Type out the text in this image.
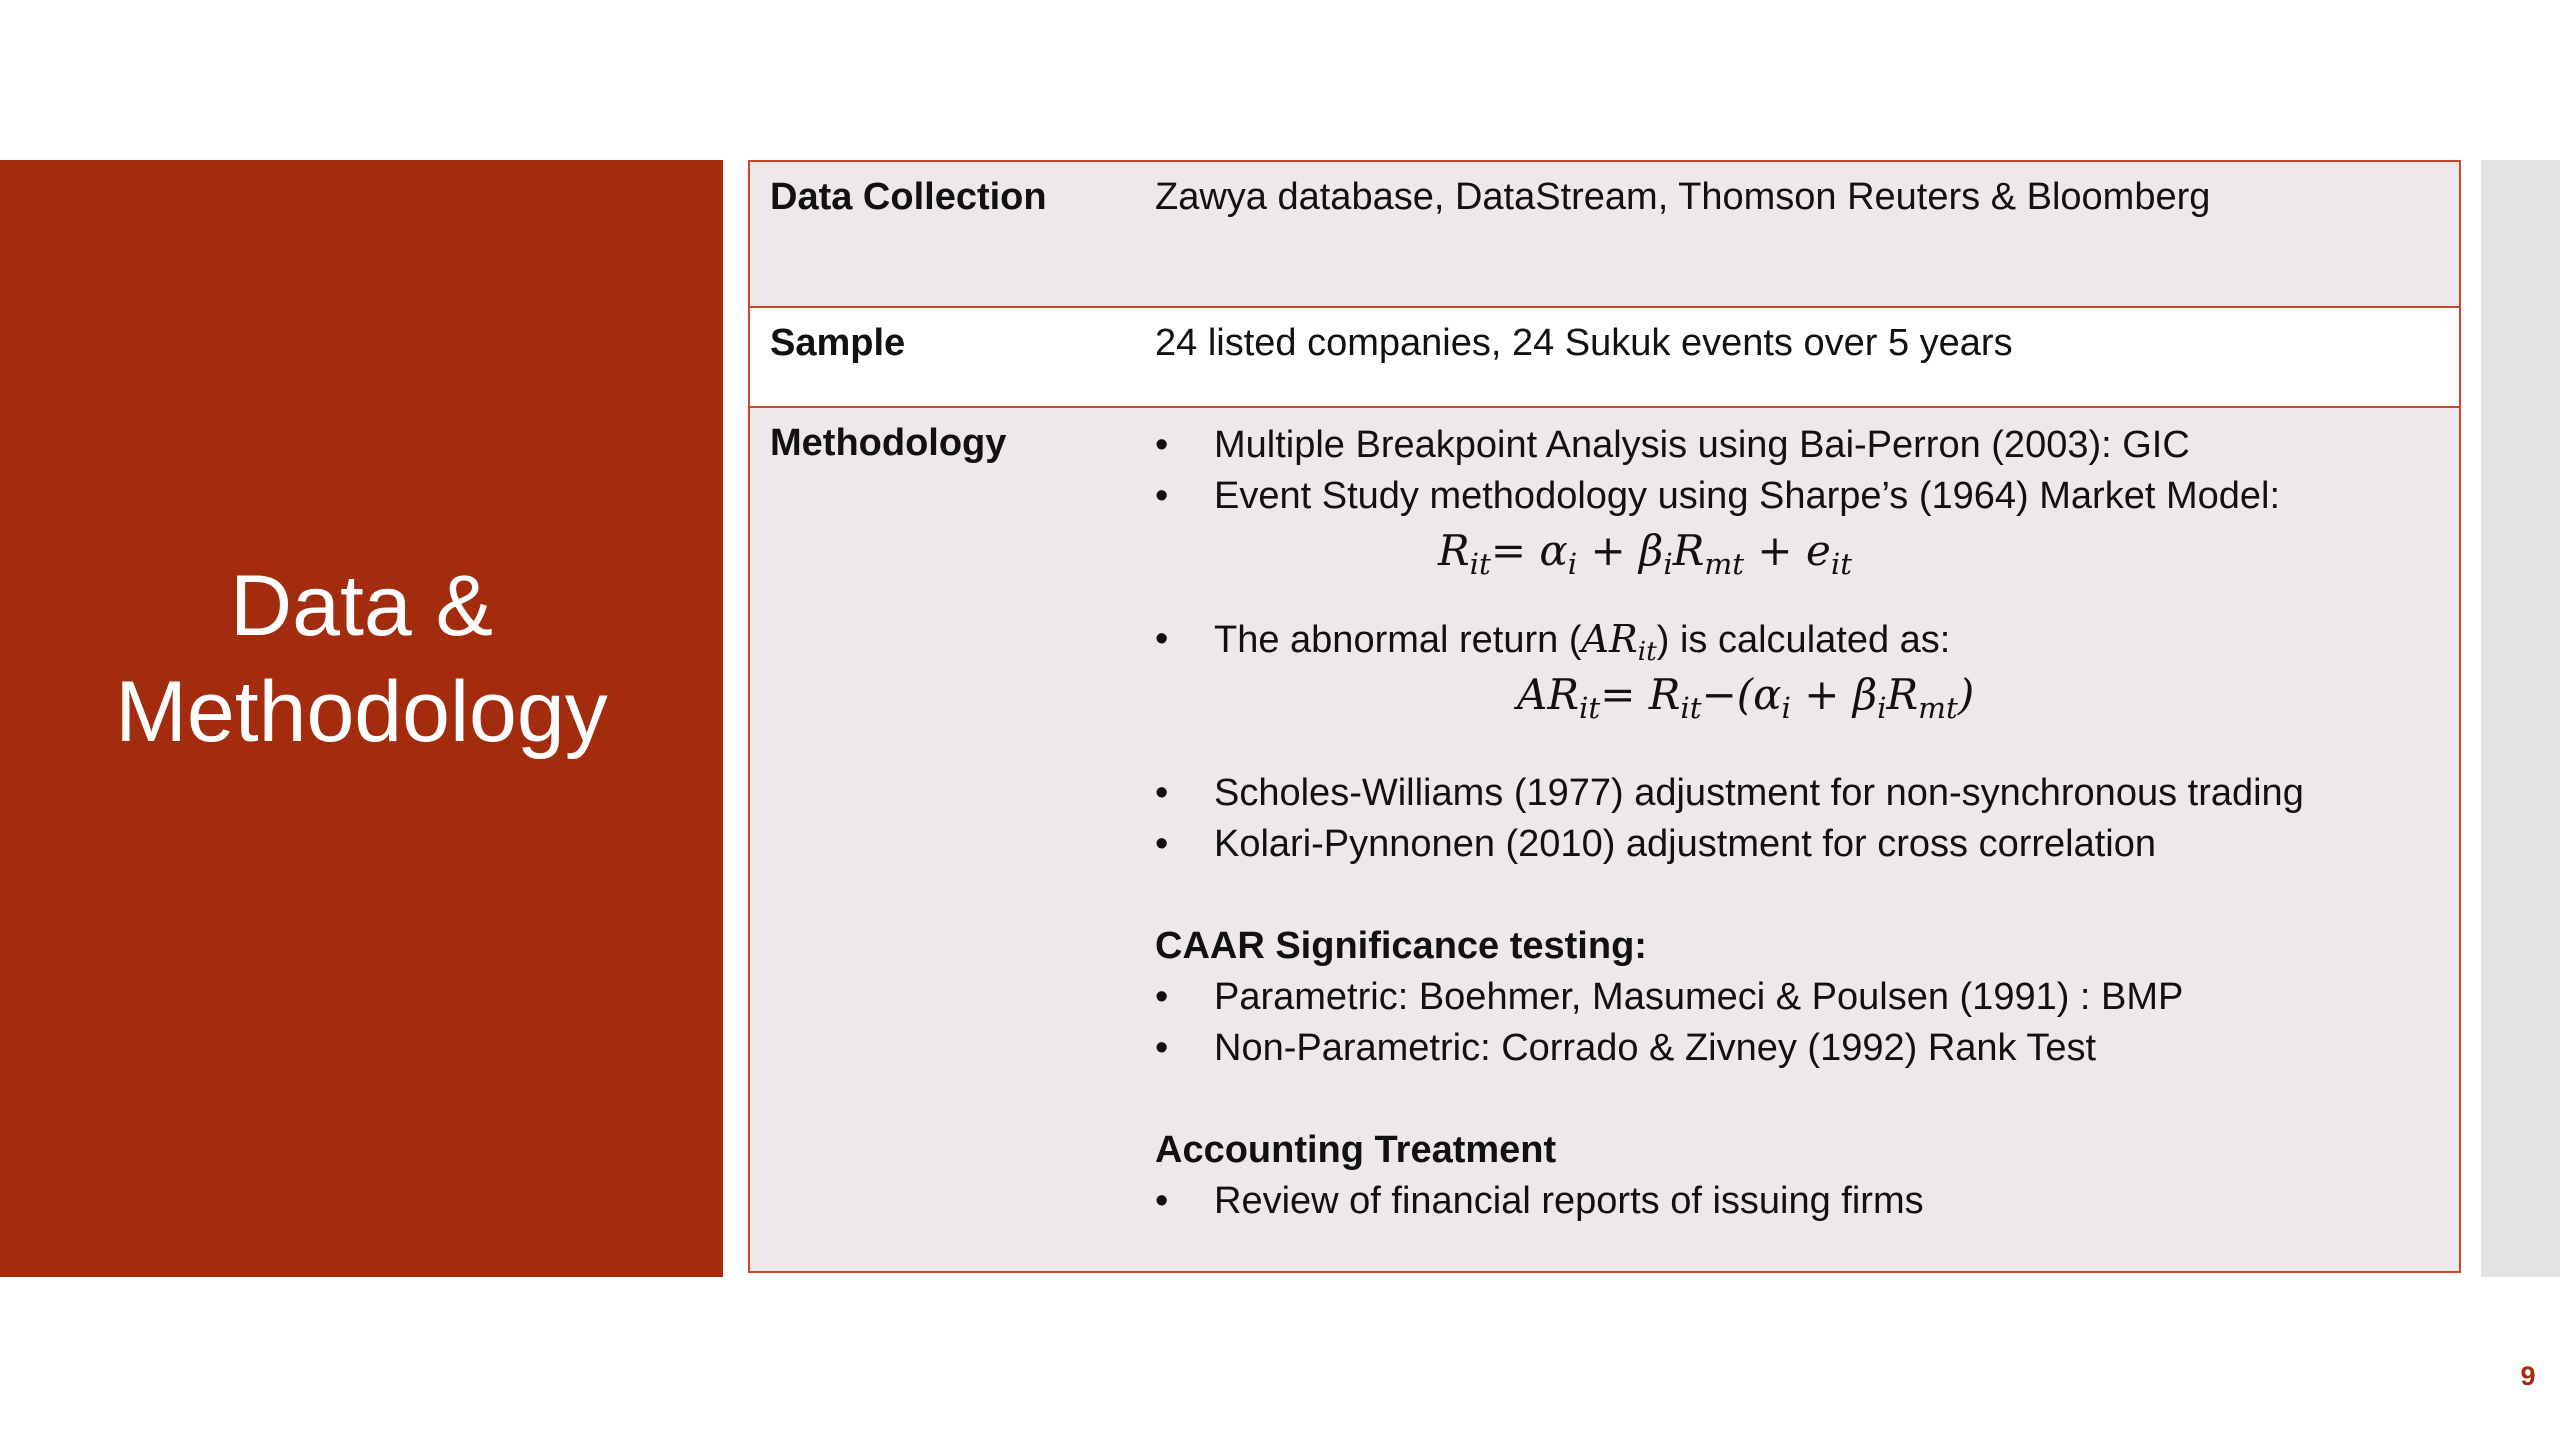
Data &
Methodology
Data Collection	Zawya database, DataStream, Thomson Reuters & Bloomberg
Sample	24 listed companies, 24 Sukuk events over 5 years
Methodology
•	Multiple Breakpoint Analysis using Bai-Perron (2003): GIC
• Event Study methodology using Sharpe’s (1964) Market Model:
$R_{it}= \alpha_i + \beta_iR_{mt} + e_{it}$
• The abnormal return $(AR_{it})$ is calculated as:
$AR_{it}= R_{it}-(\alpha_i + \beta_iR_{mt})$
• Scholes-Williams (1977) adjustment for non-synchronous trading
• Kolari-Pynnonen (2010) adjustment for cross correlation
CAAR Significance testing:
• Parametric: Boehmer, Masumeci & Poulsen (1991) : BMP
• Non-Parametric: Corrado & Zivney (1992) Rank Test
Accounting Treatment
• Review of financial reports of issuing firms
9
